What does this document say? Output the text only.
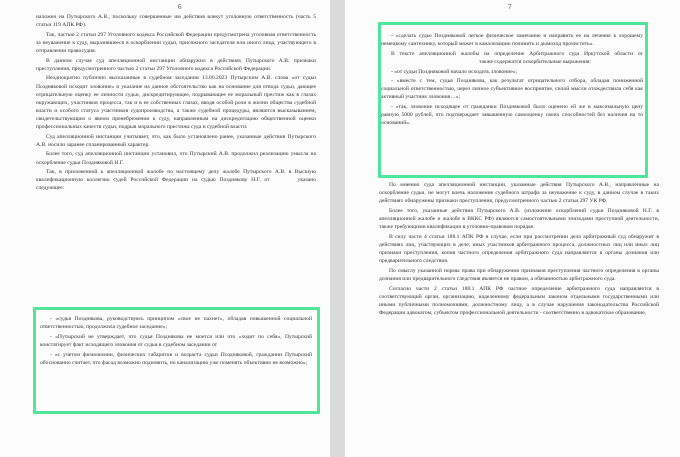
6

наложен на Путырского А.В., поскольку совершенные им действия влекут уголовную ответственность (часть 5 статьи 119 АПК РФ).

Так, частью 2 статьи 297 Уголовного кодекса Российской Федерации предусмотрена уголовная ответственность за неуважение к суду, выразившееся в оскорблении судьи, присяжного заседателя или иного лица, участвующего в отправлении правосудия.

В данном случае суд апелляционной инстанции обнаружил в действиях Путырского А.В. признаки преступления, предусмотренного частью 2 статьи 297 Уголовного кодекса Российской Федерации.

Неоднократно публично высказанные в судебном заседании 13.06.2023 Путырским А.В. слова «от судьи Поздняковой исходит зловоние» и указание на данное обстоятельство как на основание для отвода судьи, дающее отрицательную оценку ее личности судьи, дискредитирующее, подрывающее ее моральный престиж как в глазах окружающих, участников процесса, так и в ее собственных глазах, вводя особой роли в жизни общества судебной власти и особого статуса участников судопроизводства, а также судебной процедуры, являются высказыванием, свидетельствующим о явном пренебрежении к суду, направленным на дискредитацию общественной оценки профессиональных качеств судьи, подрыв морального престижа суда и судебной власти.

Суд апелляционной инстанции учитывает, что, как было установлено ранее, указанные действия Путырского А.В. носили заранее спланированный характер.

Более того, суд апелляционной инстанции установил, что Путырский А.В. продолжил реализацию умысла на оскорбление судьи Поздняковой Н.Г.

Так, в приложенной к апелляционной жалобе по настоящему делу жалобе Путырского А.В. в Высшую квалификационную коллегию судей Российской Федерации на судью Позднякову Н.Г. от	указано следующее:

- «судья Позднякова, руководствуясь принципом «свое не пахнет», обладая повышенной социальной ответственностью, продолжила судебное заседание»;

- «Путырский не утверждает, что судья Позднякова не моется или что «ходит по себя», Путырский констатирует факт исходящего зловония от судьи в судебном заседании от

- «с учетом физиономии, физических габаритов и возраста судьи Поздняковой, гражданин Путырский обоснованно считает, что фасад возможно подновить, но канализацию уже поменять объективно не возможно»;

7

- «сделать судье Поздняковой легкое физическое замечание и направить ее на лечение к хорошему немецкому сантехнику, который может в канализацию починить и дымоход прочистить».

В тексте апелляционной жалобы на определение Арбитражного суда Иркутской области оттакже содержатся оскорбительные выражения:

- «от судьи Поздняковой начало исходить зловоние»;

- «вместе с тем, судья Позднякова, как результат отрицательного отбора, обладая пониженной социальной ответственностью, через личное субъективное восприятие, силой мысли отождествила себя как активный участник зловония…»;

- «так, зловоние исходящее от гражданки Поздняковой было оценено ей же в максимальную цену равную 5000 рублей, что подтверждает завышенную самооценку своих способностей без наличия на то оснований».

По мнению суда апелляционной инстанции, указанные действия Путырского А.В., направленные на оскорбление судьи, не могут влечь наложение судебного штрафа за неуважение к суду, в данном случае в таких действиях обнаружены признаки преступления, предусмотренного частью 2 статьи 297 УК РФ.

Более того, указанные действия Путырского А.В. (изложение оскорблений судьи Поздняковой Н.Г. в апелляционной жалобе и жалобе в ВККС РФ) являются самостоятельными эпизодами преступной деятельности, также требующими квалификации в уголовно-правовом порядке.

В силу части 4 статьи 188.1 АПК РФ в случае, если при рассмотрении дела арбитражный суд обнаружит в действиях лиц, участвующих в деле, иных участников арбитражного процесса, должностных лиц или иных лиц признаки преступления, копия частного определения арбитражного суда направляется в органы дознания или предварительного следствия.

По смыслу указанной нормы права при обнаружении признаков преступления частного определения в органы дознания или предварительного следствия является не правом, а обязанностью арбитражного суда.

Согласно части 2 статьи 188.1 АПК РФ частное определение арбитражного суда направляется в соответствующий орган, организацию, наделенному федеральным законом отдельными государственными или иными публичными полномочиями, должностному лицу, а в случае нарушения законодательства Российской Федерации адвокатом, субъектом профессиональной деятельности - соответственно в адвокатское образование,
